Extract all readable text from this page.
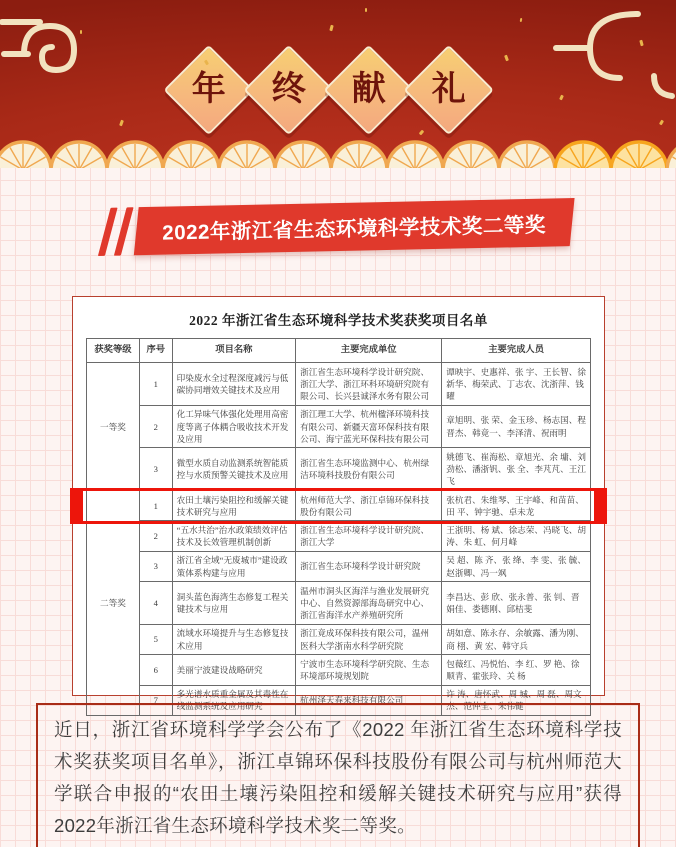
年 终 献 礼
2022年浙江省生态环境科学技术奖二等奖
2022 年浙江省生态环境科学技术奖获奖项目名单
获奖等级	序号	项目名称	主要完成单位	主要完成人员
一等奖	1	印染废水全过程深度减污与低碳协同增效关键技术及应用	浙江省生态环境科学设计研究院、浙江大学、浙江环科环境研究院有限公司、长兴县诚泽水务有限公司	谭映宇、史惠祥、张 宇、王长智、徐新华、梅荣武、丁志农、沈浙萍、钱 曜
	2	化工异味气体强化处理用高密度等离子体耦合吸收技术开发及应用	浙江理工大学、杭州楹泽环境科技有限公司、新疆天富环保科技有限公司、海宁蓝光环保科技有限公司	章旭明、张 荣、金玉珍、杨志国、程晋杰、韩竟一、李泽清、祝雨明
	3	微型水质自动监测系统智能质控与水质预警关键技术及应用	浙江省生态环境监测中心、杭州绿洁环境科技股份有限公司	姚德飞、崔海松、章旭光、余 墉、刘劲松、潘浙钒、张 全、李芃芃、王江飞
二等奖	1	农田土壤污染阻控和缓解关键技术研究与应用	杭州师范大学、浙江卓锦环保科技股份有限公司	张杭君、朱维琴、王宇峰、和苗苗、田 平、钟宇驰、卓未龙
	2	“五水共治”治水政策绩效评估技术及长效管理机制创新	浙江省生态环境科学设计研究院、浙江大学	王浙明、杨 斌、徐志荣、冯晓飞、胡 涛、朱 虹、何月峰
	3	浙江省全域“无废城市”建设政策体系构建与应用	浙江省生态环境科学设计研究院	吴 超、陈 齐、张 绛、李 雯、张 毓、赵浙卿、冯一飒
	4	洞头蓝色海湾生态修复工程关键技术与应用	温州市洞头区海洋与渔业发展研究中心、自然资源部海岛研究中心、浙江省海洋水产养殖研究所	李昌达、彭 欣、张永普、张 钊、晋娟佳、娄德刚、邱桔斐
	5	流域水环境提升与生态修复技术应用	浙江竟成环保科技有限公司，温州医科大学浙南水科学研究院	胡如意、陈永存、余敏露、潘为刚、商 栩、黄 宏、韩守兵
	6	美丽宁波建设战略研究	宁波市生态环境科学研究院、生态环境部环境规划院	包薇红、冯悦怡、李 红、罗 艳、徐顺青、霍张玲、关 杨
	7	多光谱水质重金属及其毒性在线监测系统及应用研究	杭州泽天春来科技有限公司	许 涛、唐怀武、周 城、周 磊、周文杰、范仲全、朱伟健
近日，浙江省环境科学学会公布了《2022 年浙江省生态环境科学技术奖获奖项目名单》，浙江卓锦环保科技股份有限公司与杭州师范大学联合申报的“农田土壤污染阻控和缓解关键技术研究与应用”获得2022年浙江省生态环境科学技术奖二等奖。
